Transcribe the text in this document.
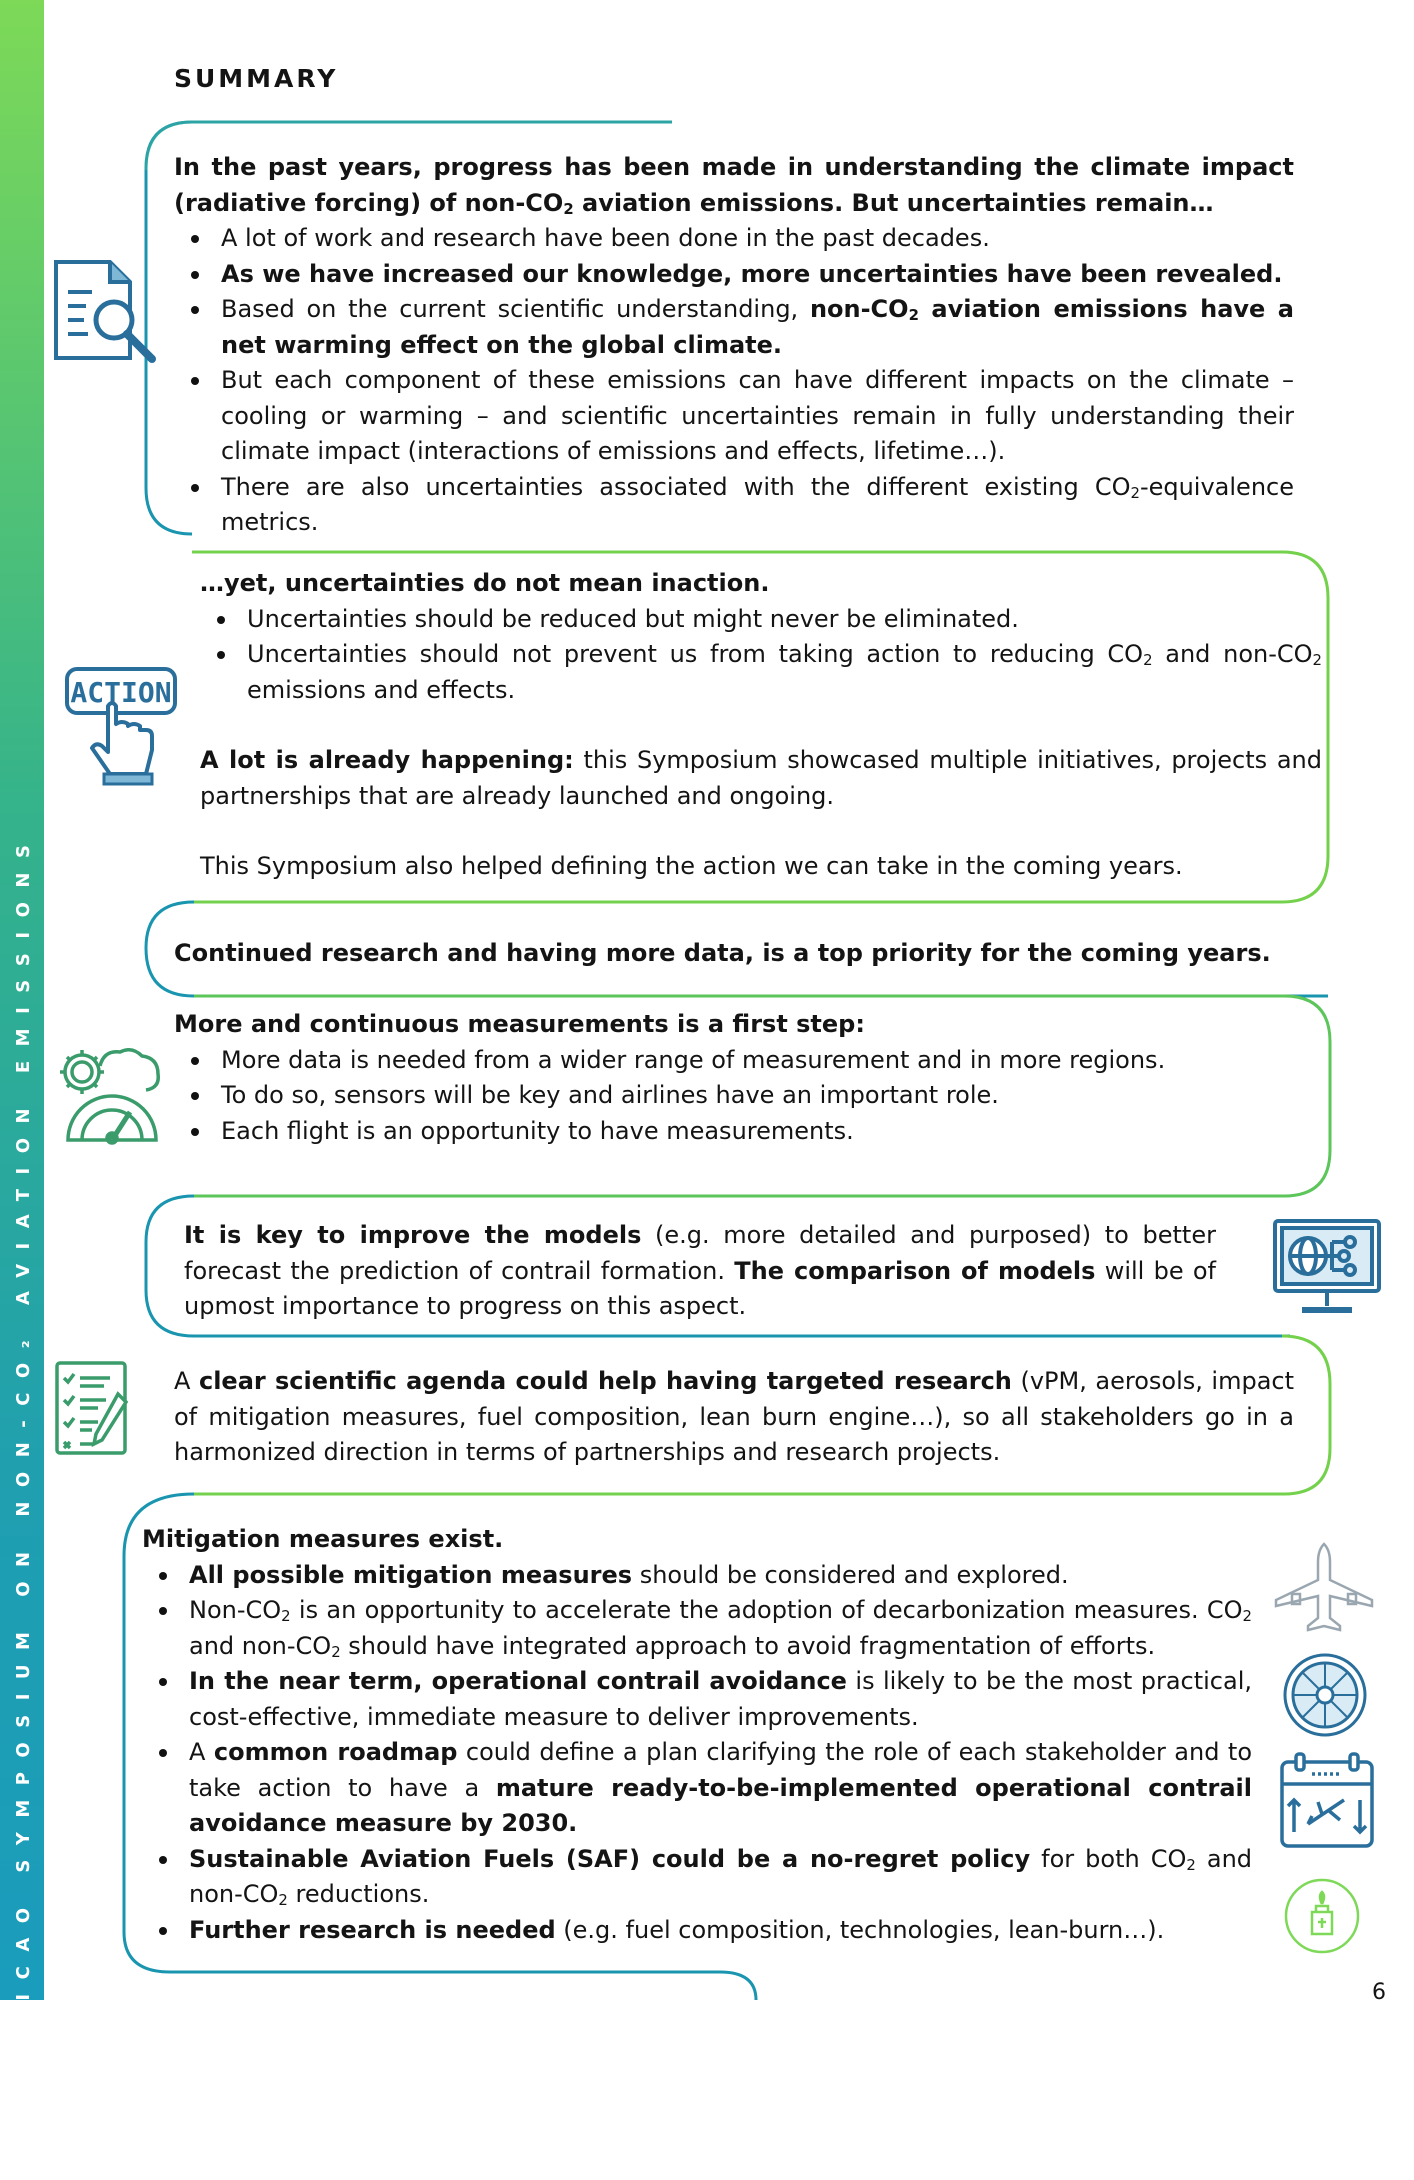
2024 ICAO SYMPOSIUM ON NON-CO₂ AVIATION EMISSIONS
SUMMARY

In the past years, progress has been made in understanding the climate impact (radiative forcing) of non-$CO_2$ aviation emissions. But uncertainties remain…

A lot of work and research have been done in the past decades.
As we have increased our knowledge, more uncertainties have been revealed.
Based on the current scientific understanding, non-$CO_2$ aviation emissions have a net warming effect on the global climate.
But each component of these emissions can have different impacts on the climate – cooling or warming – and scientific uncertainties remain in fully understanding their climate impact (interactions of emissions and effects, lifetime…).
There are also uncertainties associated with the different existing $CO_2$-equivalence metrics.

…yet, uncertainties do not mean inaction.

Uncertainties should be reduced but might never be eliminated.
Uncertainties should not prevent us from taking action to reducing $CO_2$ and non-$CO_2$ emissions and effects.

A lot is already happening: this Symposium showcased multiple initiatives, projects and partnerships that are already launched and ongoing.

This Symposium also helped defining the action we can take in the coming years.

ACTION

Continued research and having more data, is a top priority for the coming years.

More and continuous measurements is a first step:

More data is needed from a wider range of measurement and in more regions.
To do so, sensors will be key and airlines have an important role.
Each flight is an opportunity to have measurements.

It is key to improve the models (e.g. more detailed and purposed) to better forecast the prediction of contrail formation. The comparison of models will be of upmost importance to progress on this aspect.

A clear scientific agenda could help having targeted research (vPM, aerosols, impact of mitigation measures, fuel composition, lean burn engine…), so all stakeholders go in a harmonized direction in terms of partnerships and research projects.

Mitigation measures exist.

All possible mitigation measures should be considered and explored.
Non-$CO_2$ is an opportunity to accelerate the adoption of decarbonization measures. $CO_2$ and non-$CO_2$ should have integrated approach to avoid fragmentation of efforts.
In the near term, operational contrail avoidance is likely to be the most practical, cost-effective, immediate measure to deliver improvements.
A common roadmap could define a plan clarifying the role of each stakeholder and to take action to have a mature ready-to-be-implemented operational contrail avoidance measure by 2030.
Sustainable Aviation Fuels (SAF) could be a no-regret policy for both $CO_2$ and non-$CO_2$ reductions.
Further research is needed (e.g. fuel composition, technologies, lean-burn…).
6
